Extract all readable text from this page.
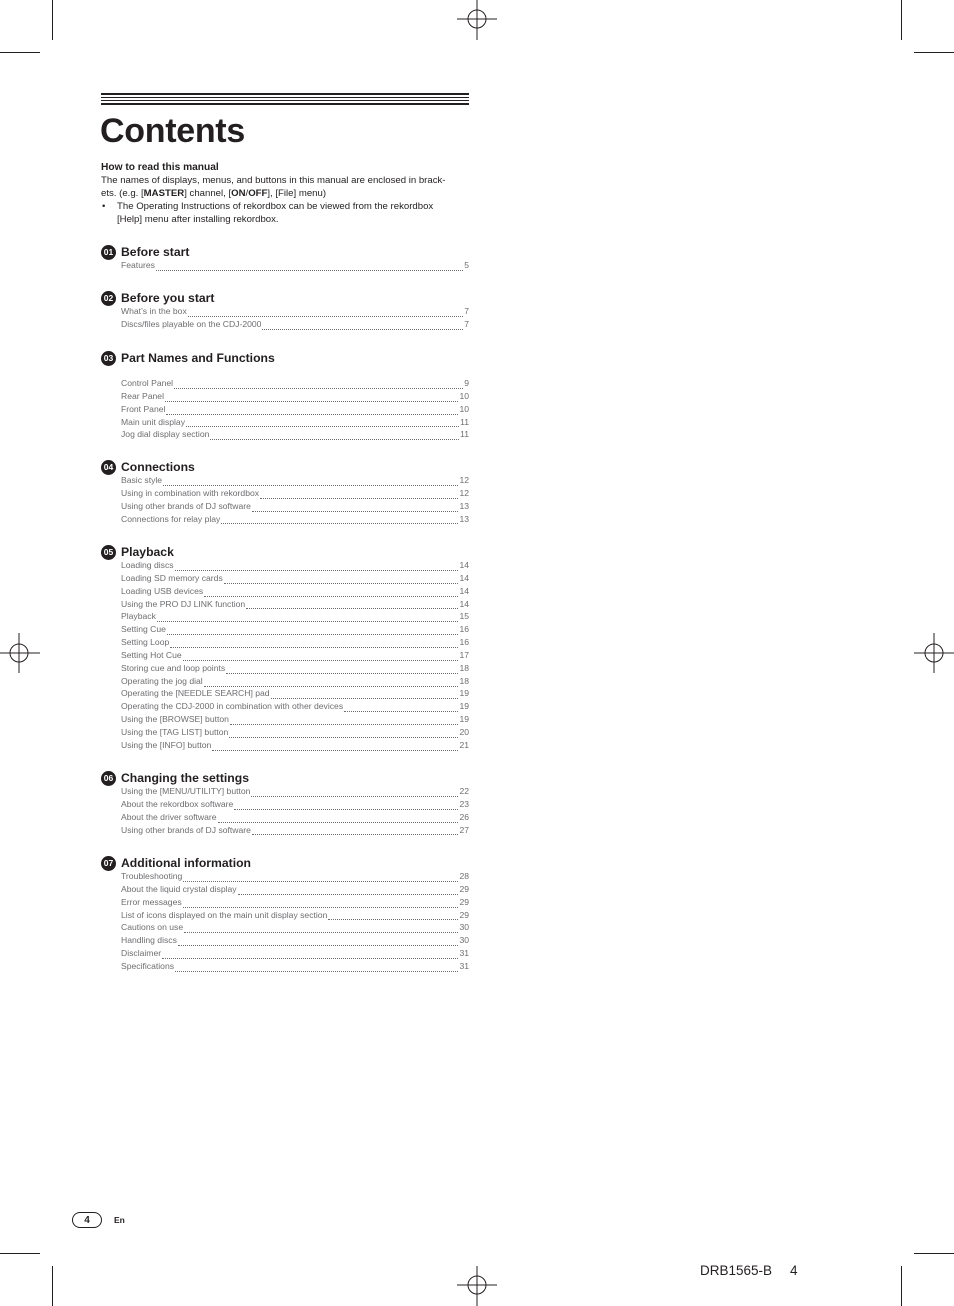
Contents
How to read this manual
The names of displays, menus, and buttons in this manual are enclosed in brack-
ets. (e.g. [MASTER] channel, [ON/OFF], [File] menu)
• The Operating Instructions of rekordbox can be viewed from the rekordbox
[Help] menu after installing rekordbox.
01 Before start
Features	5
02 Before you start
What’s in the box	7
Discs/files playable on the CDJ-2000	7
03 Part Names and Functions
Control Panel	9
Rear Panel	10
Front Panel	10
Main unit display	11
Jog dial display section	11
04 Connections
Basic style	12
Using in combination with rekordbox	12
Using other brands of DJ software	13
Connections for relay play	13
05 Playback
Loading discs	14
Loading SD memory cards	14
Loading USB devices	14
Using the PRO DJ LINK function	14
Playback	15
Setting Cue	16
Setting Loop	16
Setting Hot Cue	17
Storing cue and loop points	18
Operating the jog dial	18
Operating the [NEEDLE SEARCH] pad	19
Operating the CDJ-2000 in combination with other devices	19
Using the [BROWSE] button	19
Using the [TAG LIST] button	20
Using the [INFO] button	21
06 Changing the settings
Using the [MENU/UTILITY] button	22
About the rekordbox software	23
About the driver software	26
Using other brands of DJ software	27
07 Additional information
Troubleshooting	28
About the liquid crystal display	29
Error messages	29
List of icons displayed on the main unit display section	29
Cautions on use	30
Handling discs	30
Disclaimer	31
Specifications	31
4	En
DRB1565-B 4
